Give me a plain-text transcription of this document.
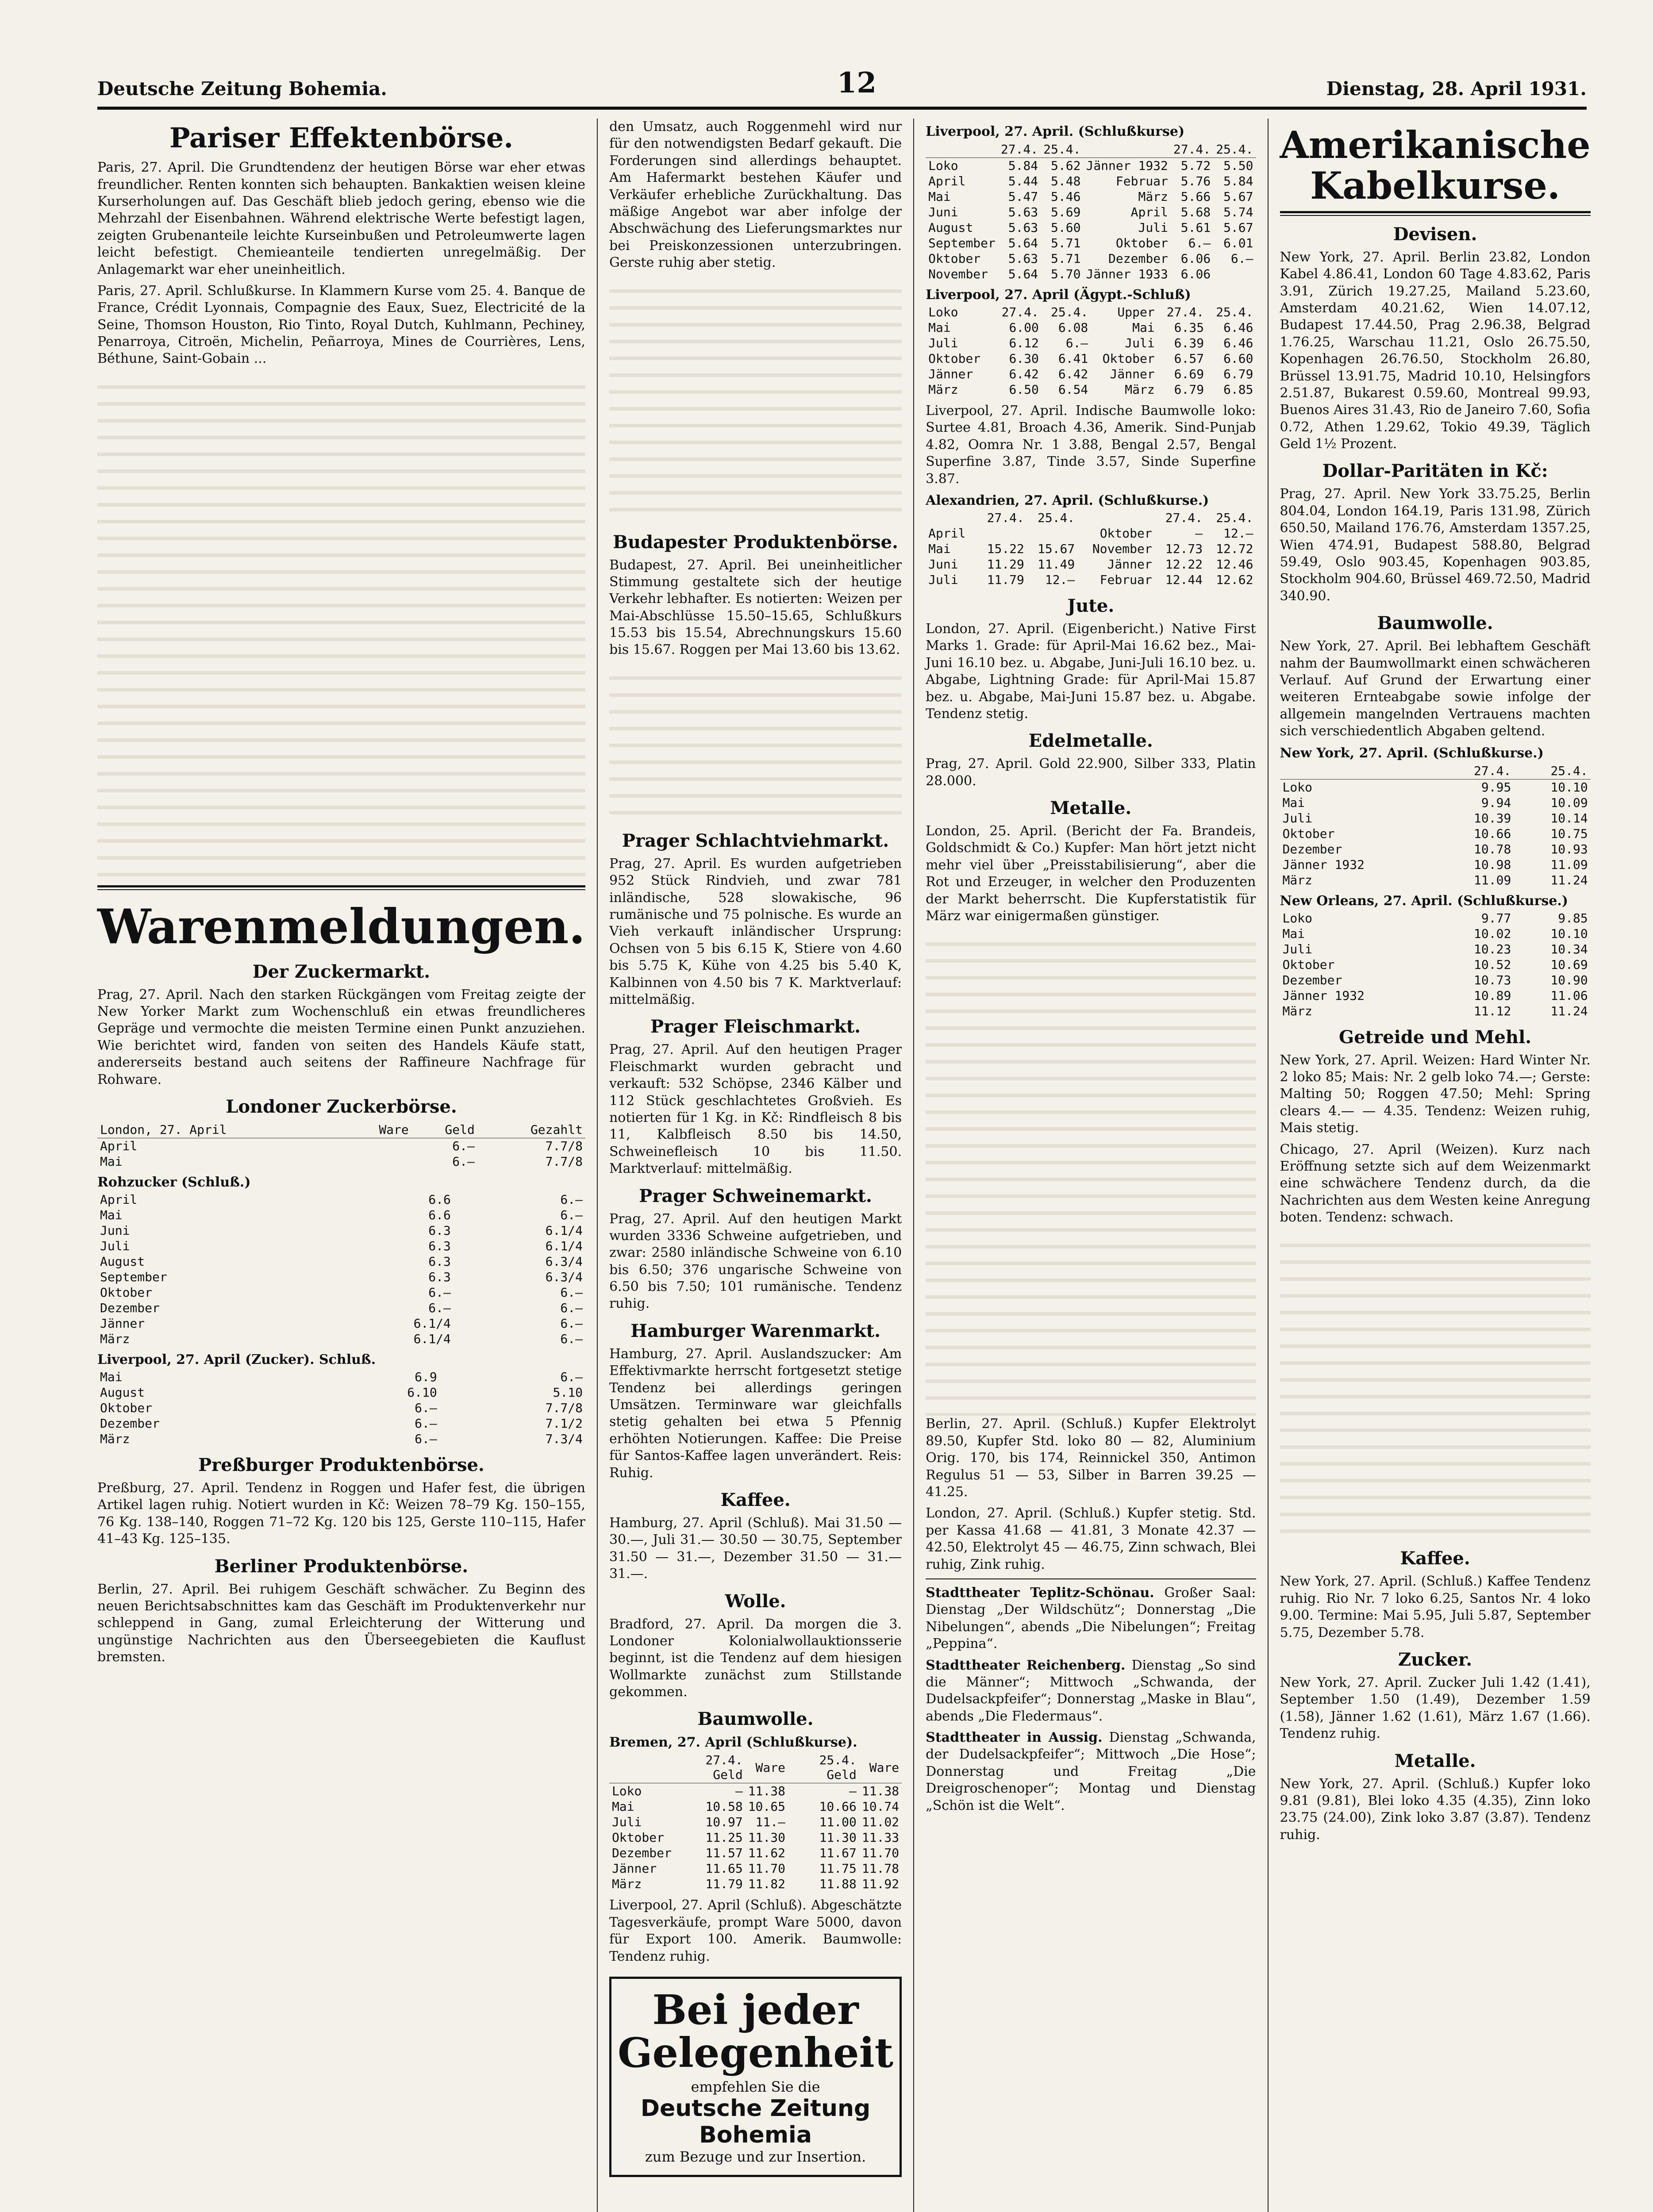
Deutsche Zeitung Bohemia.	12	Dienstag, 28. April 1931.
Pariser Effektenbörse.

Paris, 27. April. Die Grundtendenz der heutigen Börse war eher etwas freundlicher. Renten konnten sich behaupten. Bankaktien weisen kleine Kurserholungen auf. Das Geschäft blieb jedoch gering, ebenso wie die Mehrzahl der Eisenbahnen. Während elektrische Werte befestigt lagen, zeigten Grubenanteile leichte Kurseinbußen und Petroleumwerte lagen leicht befestigt. Chemieanteile tendierten unregelmäßig. Der Anlagemarkt war eher uneinheitlich.

Paris, 27. April. Schlußkurse. In Klammern Kurse vom 25. 4. Banque de France, Crédit Lyonnais, Compagnie des Eaux, Suez, Electricité de la Seine, Thomson Houston, Rio Tinto, Royal Dutch, Kuhlmann, Pechiney, Penarroya, Citroën, Michelin, Peñarroya, Mines de Courrières, Lens, Béthune, Saint-Gobain ...

Warenmeldungen.
Der Zuckermarkt.

Prag, 27. April. Nach den starken Rückgängen vom Freitag zeigte der New Yorker Markt zum Wochenschluß ein etwas freundlicheres Gepräge und vermochte die meisten Termine einen Punkt anzuziehen. Wie berichtet wird, fanden von seiten des Handels Käufe statt, andererseits bestand auch seitens der Raffineure Nachfrage für Rohware.

Londoner Zuckerbörse.
London, 27. April	Ware	Geld	Gezahlt
April		6.—	7.7/8
Mai		6.—	7.7/8
Rohzucker (Schluß.)
April	6.6	6.—
Mai	6.6	6.—
Juni	6.3	6.1/4
Juli	6.3	6.1/4
August	6.3	6.3/4
September	6.3	6.3/4
Oktober	6.—	6.—
Dezember	6.—	6.—
Jänner	6.1/4	6.—
März	6.1/4	6.—
Liverpool, 27. April (Zucker). Schluß.
Mai	6.9	6.—
August	6.10	5.10
Oktober	6.—	7.7/8
Dezember	6.—	7.1/2
März	6.—	7.3/4
Preßburger Produktenbörse.

Preßburg, 27. April. Tendenz in Roggen und Hafer fest, die übrigen Artikel lagen ruhig. Notiert wurden in Kč: Weizen 78–79 Kg. 150–155, 76 Kg. 138–140, Roggen 71–72 Kg. 120 bis 125, Gerste 110–115, Hafer 41–43 Kg. 125–135.

Berliner Produktenbörse.

Berlin, 27. April. Bei ruhigem Geschäft schwächer. Zu Beginn des neuen Berichtsabschnittes kam das Geschäft im Produktenverkehr nur schleppend in Gang, zumal Erleichterung der Witterung und ungünstige Nachrichten aus den Überseegebieten die Kauflust bremsten.

den Umsatz, auch Roggenmehl wird nur für den notwendigsten Bedarf gekauft. Die Forderungen sind allerdings behauptet. Am Hafermarkt bestehen Käufer und Verkäufer erhebliche Zurückhaltung. Das mäßige Angebot war aber infolge der Abschwächung des Lieferungsmarktes nur bei Preiskonzessionen unterzubringen. Gerste ruhig aber stetig.

Budapester Produktenbörse.

Budapest, 27. April. Bei uneinheitlicher Stimmung gestaltete sich der heutige Verkehr lebhafter. Es notierten: Weizen per Mai-Abschlüsse 15.50–15.65, Schlußkurs 15.53 bis 15.54, Abrechnungskurs 15.60 bis 15.67. Roggen per Mai 13.60 bis 13.62.

Prager Schlachtviehmarkt.

Prag, 27. April. Es wurden aufgetrieben 952 Stück Rindvieh, und zwar 781 inländische, 528 slowakische, 96 rumänische und 75 polnische. Es wurde an Vieh verkauft inländischer Ursprung: Ochsen von 5 bis 6.15 K, Stiere von 4.60 bis 5.75 K, Kühe von 4.25 bis 5.40 K, Kalbinnen von 4.50 bis 7 K. Marktverlauf: mittelmäßig.

Prager Fleischmarkt.

Prag, 27. April. Auf den heutigen Prager Fleischmarkt wurden gebracht und verkauft: 532 Schöpse, 2346 Kälber und 112 Stück geschlachtetes Großvieh. Es notierten für 1 Kg. in Kč: Rindfleisch 8 bis 11, Kalbfleisch 8.50 bis 14.50, Schweinefleisch 10 bis 11.50. Marktverlauf: mittelmäßig.

Prager Schweinemarkt.

Prag, 27. April. Auf den heutigen Markt wurden 3336 Schweine aufgetrieben, und zwar: 2580 inländische Schweine von 6.10 bis 6.50; 376 ungarische Schweine von 6.50 bis 7.50; 101 rumänische. Tendenz ruhig.

Hamburger Warenmarkt.

Hamburg, 27. April. Auslandszucker: Am Effektivmarkte herrscht fortgesetzt stetige Tendenz bei allerdings geringen Umsätzen. Terminware war gleichfalls stetig gehalten bei etwa 5 Pfennig erhöhten Notierungen. Kaffee: Die Preise für Santos-Kaffee lagen unverändert. Reis: Ruhig.

Kaffee.

Hamburg, 27. April (Schluß). Mai 31.50 — 30.—, Juli 31.— 30.50 — 30.75, September 31.50 — 31.—, Dezember 31.50 — 31.— 31.—.

Wolle.

Bradford, 27. April. Da morgen die 3. Londoner Kolonialwollauktionsserie beginnt, ist die Tendenz auf dem hiesigen Wollmarkte zunächst zum Stillstande gekommen.

Baumwolle.
Bremen, 27. April (Schlußkurse).
	27.4. Geld	Ware	25.4. Geld	Ware
Loko	—	11.38	—	11.38
Mai	10.58	10.65	10.66	10.74
Juli	10.97	11.—	11.00	11.02
Oktober	11.25	11.30	11.30	11.33
Dezember	11.57	11.62	11.67	11.70
Jänner	11.65	11.70	11.75	11.78
März	11.79	11.82	11.88	11.92

Liverpool, 27. April (Schluß). Abgeschätzte Tagesverkäufe, prompt Ware 5000, davon für Export 100. Amerik. Baumwolle: Tendenz ruhig.

Bei jeder Gelegenheit
empfehlen Sie die
Deutsche Zeitung Bohemia
zum Bezuge und zur Insertion.
Liverpool, 27. April. (Schlußkurse)
	27.4.	25.4.		27.4.	25.4.
Loko	5.84	5.62	Jänner 1932	5.72	5.50
April	5.44	5.48	Februar	5.76	5.84
Mai	5.47	5.46	März	5.66	5.67
Juni	5.63	5.69	April	5.68	5.74
August	5.63	5.60	Juli	5.61	5.67
September	5.64	5.71	Oktober	6.—	6.01
Oktober	5.63	5.71	Dezember	6.06	6.—
November	5.64	5.70	Jänner 1933	6.06	
Liverpool, 27. April (Ägypt.-Schluß)
Loko	27.4.	25.4.	Upper	27.4.	25.4.
Mai	6.00	6.08	Mai	6.35	6.46
Juli	6.12	6.—	Juli	6.39	6.46
Oktober	6.30	6.41	Oktober	6.57	6.60
Jänner	6.42	6.42	Jänner	6.69	6.79
März	6.50	6.54	März	6.79	6.85

Liverpool, 27. April. Indische Baumwolle loko: Surtee 4.81, Broach 4.36, Amerik. Sind-Punjab 4.82, Oomra Nr. 1 3.88, Bengal 2.57, Bengal Superfine 3.87, Tinde 3.57, Sinde Superfine 3.87.

Alexandrien, 27. April. (Schlußkurse.)
	27.4.	25.4.		27.4.	25.4.
April			Oktober	—	12.—
Mai	15.22	15.67	November	12.73	12.72
Juni	11.29	11.49	Jänner	12.22	12.46
Juli	11.79	12.—	Februar	12.44	12.62
Jute.

London, 27. April. (Eigenbericht.) Native First Marks 1. Grade: für April-Mai 16.62 bez., Mai-Juni 16.10 bez. u. Abgabe, Juni-Juli 16.10 bez. u. Abgabe, Lightning Grade: für April-Mai 15.87 bez. u. Abgabe, Mai-Juni 15.87 bez. u. Abgabe. Tendenz stetig.

Edelmetalle.

Prag, 27. April. Gold 22.900, Silber 333, Platin 28.000.

Metalle.

London, 25. April. (Bericht der Fa. Brandeis, Goldschmidt & Co.) Kupfer: Man hört jetzt nicht mehr viel über „Preisstabilisierung“, aber die Rot und Erzeuger, in welcher den Produzenten der Markt beherrscht. Die Kupferstatistik für März war einigermaßen günstiger.

Berlin, 27. April. (Schluß.) Kupfer Elektrolyt 89.50, Kupfer Std. loko 80 — 82, Aluminium Orig. 170, bis 174, Reinnickel 350, Antimon Regulus 51 — 53, Silber in Barren 39.25 — 41.25.

London, 27. April. (Schluß.) Kupfer stetig. Std. per Kassa 41.68 — 41.81, 3 Monate 42.37 — 42.50, Elektrolyt 45 — 46.75, Zinn schwach, Blei ruhig, Zink ruhig.

Stadttheater Teplitz-Schönau. Großer Saal: Dienstag „Der Wildschütz“; Donnerstag „Die Nibelungen“, abends „Die Nibelungen“; Freitag „Peppina“.

Stadttheater Reichenberg. Dienstag „So sind die Männer“; Mittwoch „Schwanda, der Dudelsackpfeifer“; Donnerstag „Maske in Blau“, abends „Die Fledermaus“.

Stadttheater in Aussig. Dienstag „Schwanda, der Dudelsackpfeifer“; Mittwoch „Die Hose“; Donnerstag und Freitag „Die Dreigroschenoper“; Montag und Dienstag „Schön ist die Welt“.

Amerikanische Kabelkurse.
Devisen.

New York, 27. April. Berlin 23.82, London Kabel 4.86.41, London 60 Tage 4.83.62, Paris 3.91, Zürich 19.27.25, Mailand 5.23.60, Amsterdam 40.21.62, Wien 14.07.12, Budapest 17.44.50, Prag 2.96.38, Belgrad 1.76.25, Warschau 11.21, Oslo 26.75.50, Kopenhagen 26.76.50, Stockholm 26.80, Brüssel 13.91.75, Madrid 10.10, Helsingfors 2.51.87, Bukarest 0.59.60, Montreal 99.93, Buenos Aires 31.43, Rio de Janeiro 7.60, Sofia 0.72, Athen 1.29.62, Tokio 49.39, Täglich Geld 1½ Prozent.

Dollar-Paritäten in Kč:

Prag, 27. April. New York 33.75.25, Berlin 804.04, London 164.19, Paris 131.98, Zürich 650.50, Mailand 176.76, Amsterdam 1357.25, Wien 474.91, Budapest 588.80, Belgrad 59.49, Oslo 903.45, Kopenhagen 903.85, Stockholm 904.60, Brüssel 469.72.50, Madrid 340.90.

Baumwolle.

New York, 27. April. Bei lebhaftem Geschäft nahm der Baumwollmarkt einen schwächeren Verlauf. Auf Grund der Erwartung einer weiteren Ernteabgabe sowie infolge der allgemein mangelnden Vertrauens machten sich verschiedentlich Abgaben geltend.

New York, 27. April. (Schlußkurse.)
	27.4.	25.4.
Loko	9.95	10.10
Mai	9.94	10.09
Juli	10.39	10.14
Oktober	10.66	10.75
Dezember	10.78	10.93
Jänner 1932	10.98	11.09
März	11.09	11.24
New Orleans, 27. April. (Schlußkurse.)
Loko	9.77	9.85
Mai	10.02	10.10
Juli	10.23	10.34
Oktober	10.52	10.69
Dezember	10.73	10.90
Jänner 1932	10.89	11.06
März	11.12	11.24
Getreide und Mehl.

New York, 27. April. Weizen: Hard Winter Nr. 2 loko 85; Mais: Nr. 2 gelb loko 74.—; Gerste: Malting 50; Roggen 47.50; Mehl: Spring clears 4.— — 4.35. Tendenz: Weizen ruhig, Mais stetig.

Chicago, 27. April (Weizen). Kurz nach Eröffnung setzte sich auf dem Weizenmarkt eine schwächere Tendenz durch, da die Nachrichten aus dem Westen keine Anregung boten. Tendenz: schwach.

Kaffee.

New York, 27. April. (Schluß.) Kaffee Tendenz ruhig. Rio Nr. 7 loko 6.25, Santos Nr. 4 loko 9.00. Termine: Mai 5.95, Juli 5.87, September 5.75, Dezember 5.78.

Zucker.

New York, 27. April. Zucker Juli 1.42 (1.41), September 1.50 (1.49), Dezember 1.59 (1.58), Jänner 1.62 (1.61), März 1.67 (1.66). Tendenz ruhig.

Metalle.

New York, 27. April. (Schluß.) Kupfer loko 9.81 (9.81), Blei loko 4.35 (4.35), Zinn loko 23.75 (24.00), Zink loko 3.87 (3.87). Tendenz ruhig.
